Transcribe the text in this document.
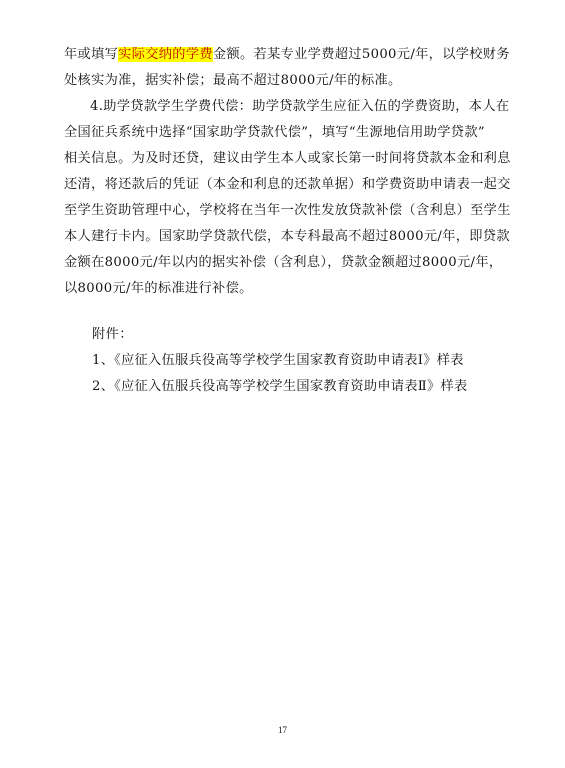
年或填写实际交纳的学费金额。若某专业学费超过5000元/年，以学校财务
处核实为准，据实补偿；最高不超过8000元/年的标准。
4.助学贷款学生学费代偿：助学贷款学生应征入伍的学费资助，本人在
全国征兵系统中选择“国家助学贷款代偿”，填写“生源地信用助学贷款”
相关信息。为及时还贷，建议由学生本人或家长第一时间将贷款本金和利息
还清，将还款后的凭证（本金和利息的还款单据）和学费资助申请表一起交
至学生资助管理中心，学校将在当年一次性发放贷款补偿（含利息）至学生
本人建行卡内。国家助学贷款代偿，本专科最高不超过8000元/年，即贷款
金额在8000元/年以内的据实补偿（含利息），贷款金额超过8000元/年，
以8000元/年的标准进行补偿。
附件：
1、《应征入伍服兵役高等学校学生国家教育资助申请表Ⅰ》样表
2、《应征入伍服兵役高等学校学生国家教育资助申请表Ⅱ》样表
17
